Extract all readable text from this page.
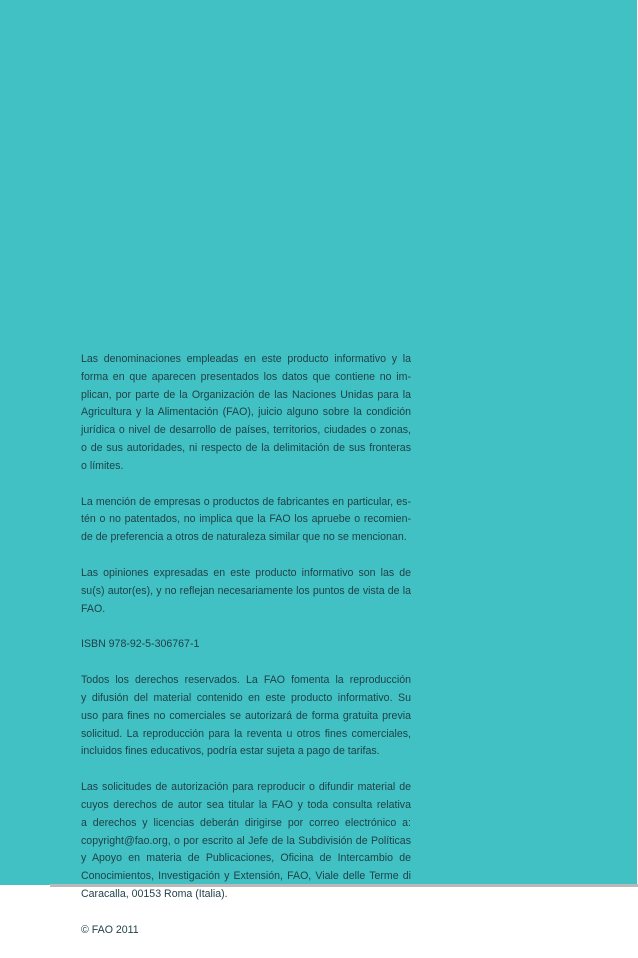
Las denominaciones empleadas en este producto informativo y la
forma en que aparecen presentados los datos que contiene no im-
plican, por parte de la Organización de las Naciones Unidas para la
Agricultura y la Alimentación (FAO), juicio alguno sobre la condición
jurídica o nivel de desarrollo de países, territorios, ciudades o zonas,
o de sus autoridades, ni respecto de la delimitación de sus fronteras
o límites.

La mención de empresas o productos de fabricantes en particular, es-
tén o no patentados, no implica que la FAO los apruebe o recomien-
de de preferencia a otros de naturaleza similar que no se mencionan.

Las opiniones expresadas en este producto informativo son las de
su(s) autor(es), y no reflejan necesariamente los puntos de vista de la
FAO.

ISBN 978-92-5-306767-1

Todos los derechos reservados. La FAO fomenta la reproducción
y difusión del material contenido en este producto informativo. Su
uso para fines no comerciales se autorizará de forma gratuita previa
solicitud. La reproducción para la reventa u otros fines comerciales,
incluidos fines educativos, podría estar sujeta a pago de tarifas.

Las solicitudes de autorización para reproducir o difundir material de
cuyos derechos de autor sea titular la FAO y toda consulta relativa
a derechos y licencias deberán dirigirse por correo electrónico a:
copyright@fao.org, o por escrito al Jefe de la Subdivisión de Políticas
y Apoyo en materia de Publicaciones, Oficina de Intercambio de
Conocimientos, Investigación y Extensión, FAO, Viale delle Terme di
Caracalla, 00153 Roma (Italia).

© FAO 2011
